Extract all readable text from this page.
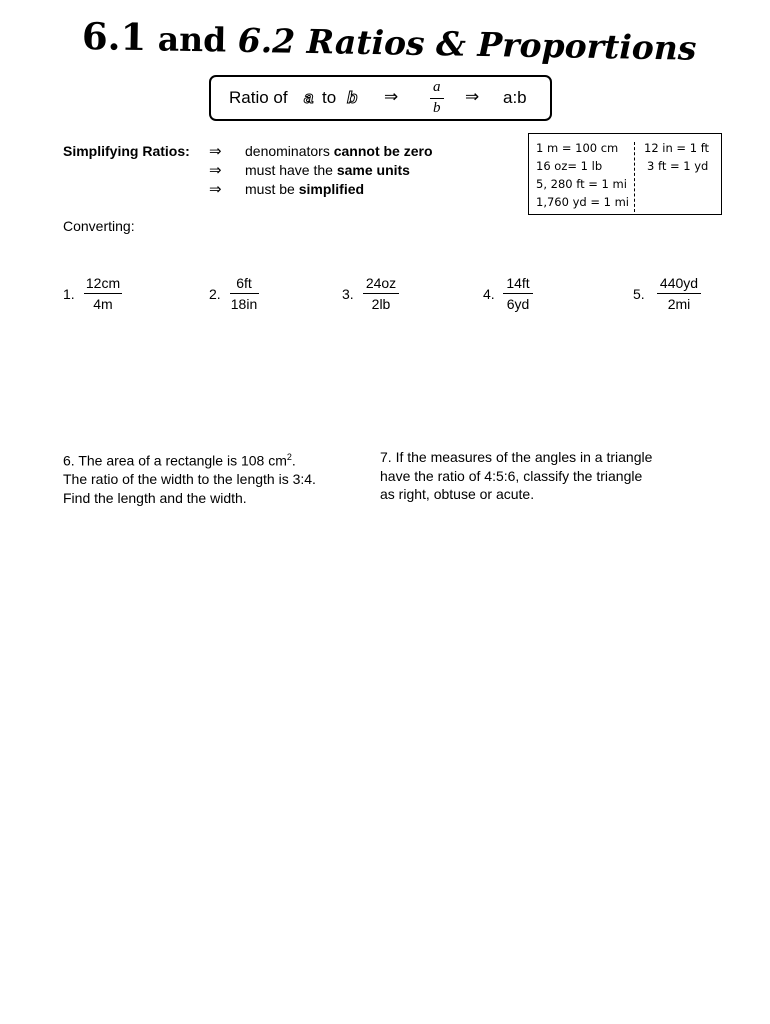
6.1 and 6.2 Ratios & Proportions
Ratio of a to b ⇒ a
b
⇒ a:b
Simplifying Ratios: ⇒
⇒
⇒
denominators cannot be zero
must have the same units
must be simplified
1 m = 100 cm
16 oz= 1 lb
5, 280 ft = 1 mi
1,760 yd = 1 mi
12 in = 1 ft
3 ft = 1 yd
Converting:
1.
12cm
4m
2.
6ft
18in
3.
24oz
2lb
4.
14ft
6yd
5.
440yd
2mi
6. The area of a rectangle is 108 $cm^2$.
The ratio of the width to the length is 3:4.
Find the length and the width.
7. If the measures of the angles in a triangle
have the ratio of 4:5:6, classify the triangle
as right, obtuse or acute.
